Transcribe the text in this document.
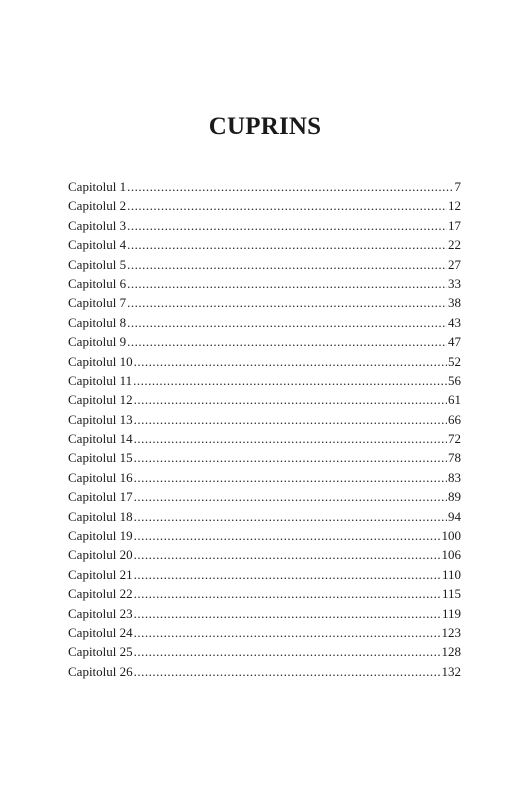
CUPRINS
Capitolul 1 .....	7
Capitolul 2 .....	12
Capitolul 3 .....	17
Capitolul 4 .....	22
Capitolul 5 .....	27
Capitolul 6 .....	33
Capitolul 7 .....	38
Capitolul 8 .....	43
Capitolul 9 .....	47
Capitolul 10 .....	52
Capitolul 11 .....	56
Capitolul 12 .....	61
Capitolul 13 .....	66
Capitolul 14 .....	72
Capitolul 15 .....	78
Capitolul 16 .....	83
Capitolul 17 .....	89
Capitolul 18 .....	94
Capitolul 19 .....	100
Capitolul 20 .....	106
Capitolul 21 .....	110
Capitolul 22 .....	115
Capitolul 23 .....	119
Capitolul 24 .....	123
Capitolul 25 .....	128
Capitolul 26 .....	132
